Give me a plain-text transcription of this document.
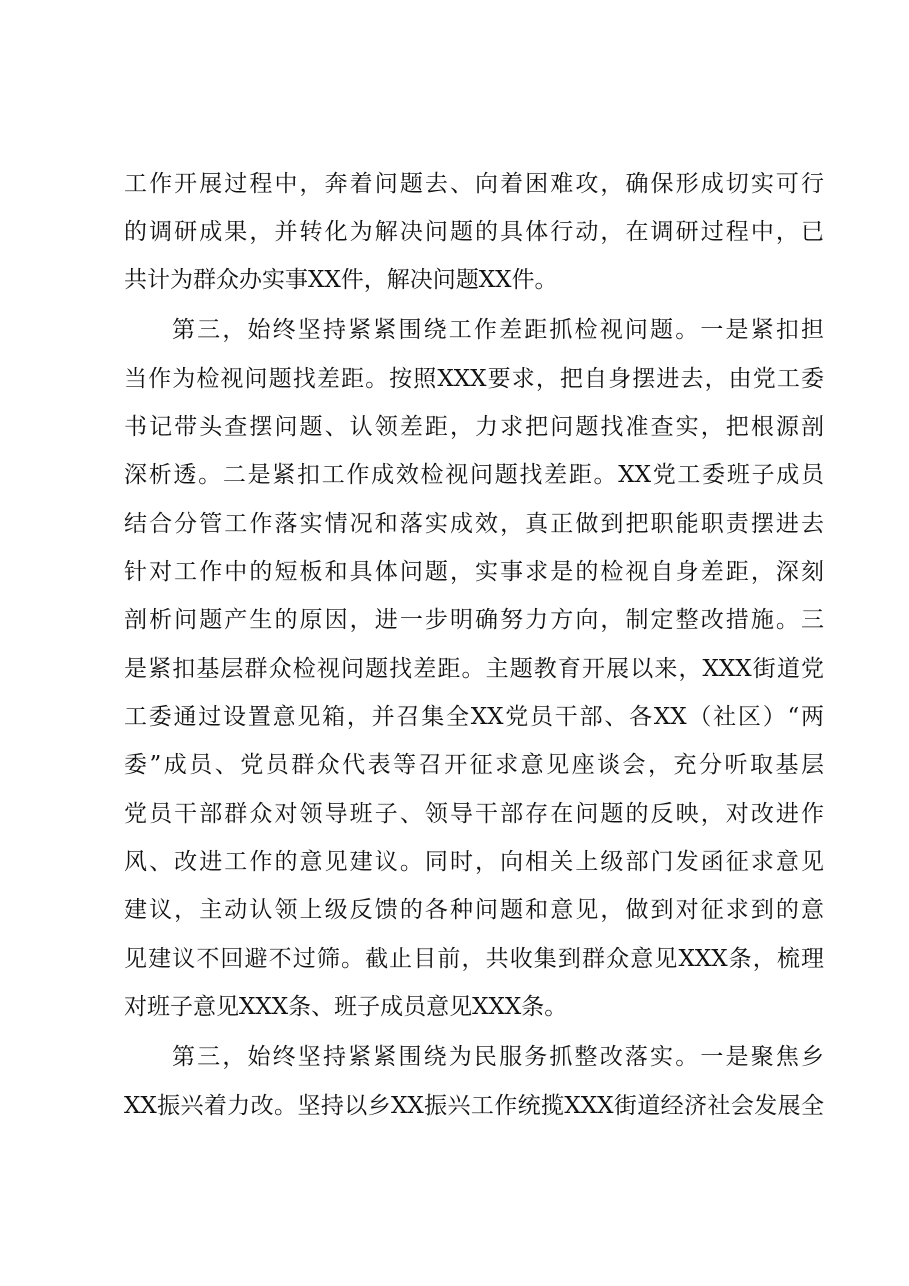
工作开展过程中，奔着问题去、向着困难攻，确保形成切实可行
的调研成果，并转化为解决问题的具体行动，在调研过程中，已
共计为群众办实事XX件，解决问题XX件。
第三，始终坚持紧紧围绕工作差距抓检视问题。一是紧扣担
当作为检视问题找差距。按照XXX要求，把自身摆进去，由党工委
书记带头查摆问题、认领差距，力求把问题找准查实，把根源剖
深析透。二是紧扣工作成效检视问题找差距。XX党工委班子成员
结合分管工作落实情况和落实成效，真正做到把职能职责摆进去
针对工作中的短板和具体问题，实事求是的检视自身差距，深刻
剖析问题产生的原因，进一步明确努力方向，制定整改措施。三
是紧扣基层群众检视问题找差距。主题教育开展以来，XXX街道党
工委通过设置意见箱，并召集全XX党员干部、各XX（社区）“两
委”成员、党员群众代表等召开征求意见座谈会，充分听取基层
党员干部群众对领导班子、领导干部存在问题的反映，对改进作
风、改进工作的意见建议。同时，向相关上级部门发函征求意见
建议，主动认领上级反馈的各种问题和意见，做到对征求到的意
见建议不回避不过筛。截止目前，共收集到群众意见XXX条，梳理
对班子意见XXX条、班子成员意见XXX条。
第三，始终坚持紧紧围绕为民服务抓整改落实。一是聚焦乡
XX振兴着力改。坚持以乡XX振兴工作统揽XXX街道经济社会发展全
